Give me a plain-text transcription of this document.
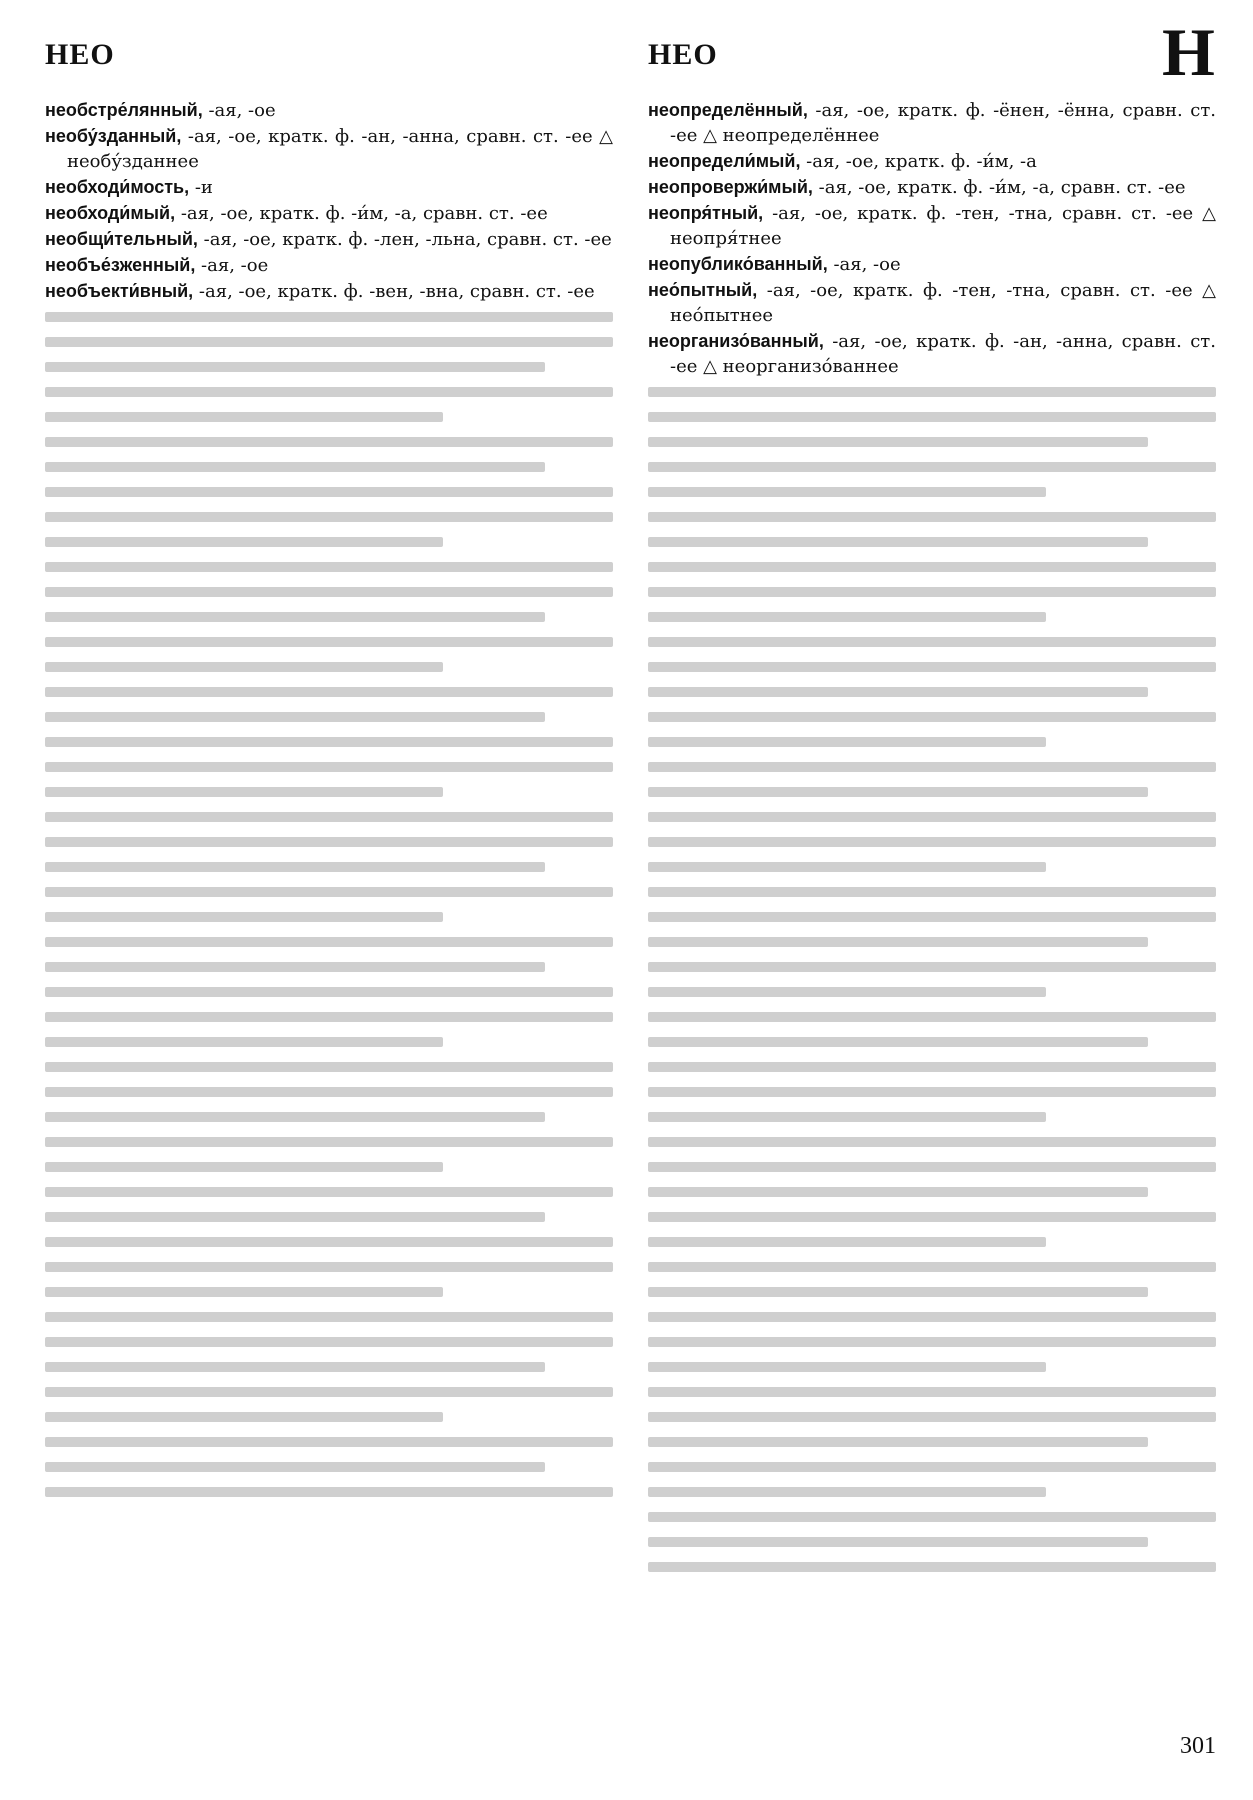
НЕО	НЕО	Н
необстре́лянный, -ая, -ое
необу́зданный, -ая, -ое, кратк. ф. -ан, -анна, сравн. ст. -ее △ необу́зданнее
необходи́мость, -и
необходи́мый, -ая, -ое, кратк. ф. -и́м, -а, сравн. ст. -ее
необщи́тельный, -ая, -ое, кратк. ф. -лен, -льна, сравн. ст. -ее
необъе́зженный, -ая, -ое
необъекти́вный, -ая, -ое, кратк. ф. -вен, -вна, сравн. ст. -ее
неопределённый, -ая, -ое, кратк. ф. -ёнен, -ённа, сравн. ст. -ее △ неопределённее
неопредели́мый, -ая, -ое, кратк. ф. -и́м, -а
неопровержи́мый, -ая, -ое, кратк. ф. -и́м, -а, сравн. ст. -ее
неопря́тный, -ая, -ое, кратк. ф. -тен, -тна, сравн. ст. -ее △ неопря́тнее
неопублико́ванный, -ая, -ое
нео́пытный, -ая, -ое, кратк. ф. -тен, -тна, сравн. ст. -ее △ нео́пытнее
неорганизо́ванный, -ая, -ое, кратк. ф. -ан, -анна, сравн. ст. -ее △ неорганизо́ваннее
301
